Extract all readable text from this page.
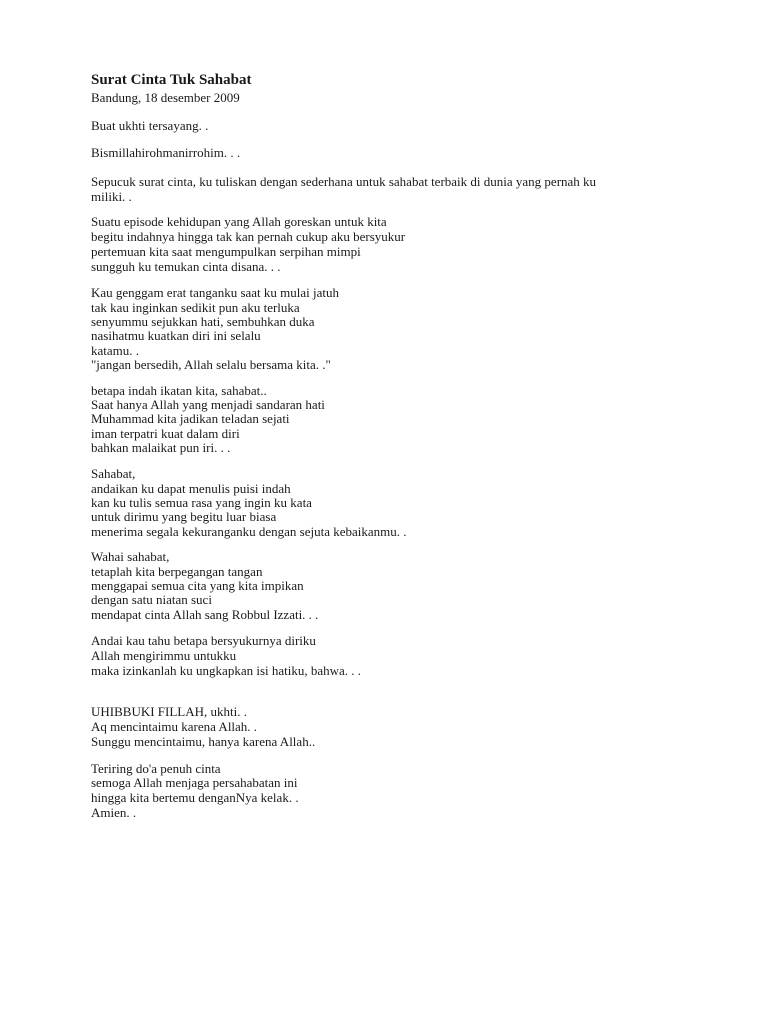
Surat Cinta Tuk Sahabat
Bandung, 18 desember 2009
Buat ukhti tersayang. .
Bismillahirohmanirrohim. . .
Sepucuk surat cinta, ku tuliskan dengan sederhana untuk sahabat terbaik di dunia yang pernah ku
miliki. .
Suatu episode kehidupan yang Allah goreskan untuk kita
begitu indahnya hingga tak kan pernah cukup aku bersyukur
pertemuan kita saat mengumpulkan serpihan mimpi
sungguh ku temukan cinta disana. . .
Kau genggam erat tanganku saat ku mulai jatuh
tak kau inginkan sedikit pun aku terluka
senyummu sejukkan hati, sembuhkan duka
nasihatmu kuatkan diri ini selalu
katamu. .
"jangan bersedih, Allah selalu bersama kita. ."
betapa indah ikatan kita, sahabat..
Saat hanya Allah yang menjadi sandaran hati
Muhammad kita jadikan teladan sejati
iman terpatri kuat dalam diri
bahkan malaikat pun iri. . .
Sahabat,
andaikan ku dapat menulis puisi indah
kan ku tulis semua rasa yang ingin ku kata
untuk dirimu yang begitu luar biasa
menerima segala kekuranganku dengan sejuta kebaikanmu. .
Wahai sahabat,
tetaplah kita berpegangan tangan
menggapai semua cita yang kita impikan
dengan satu niatan suci
mendapat cinta Allah sang Robbul Izzati. . .
Andai kau tahu betapa bersyukurnya diriku
Allah mengirimmu untukku
maka izinkanlah ku ungkapkan isi hatiku, bahwa. . .
UHIBBUKI FILLAH, ukhti. .
Aq mencintaimu karena Allah. .
Sunggu mencintaimu, hanya karena Allah..
Teriring do'a penuh cinta
semoga Allah menjaga persahabatan ini
hingga kita bertemu denganNya kelak. .
Amien. .
